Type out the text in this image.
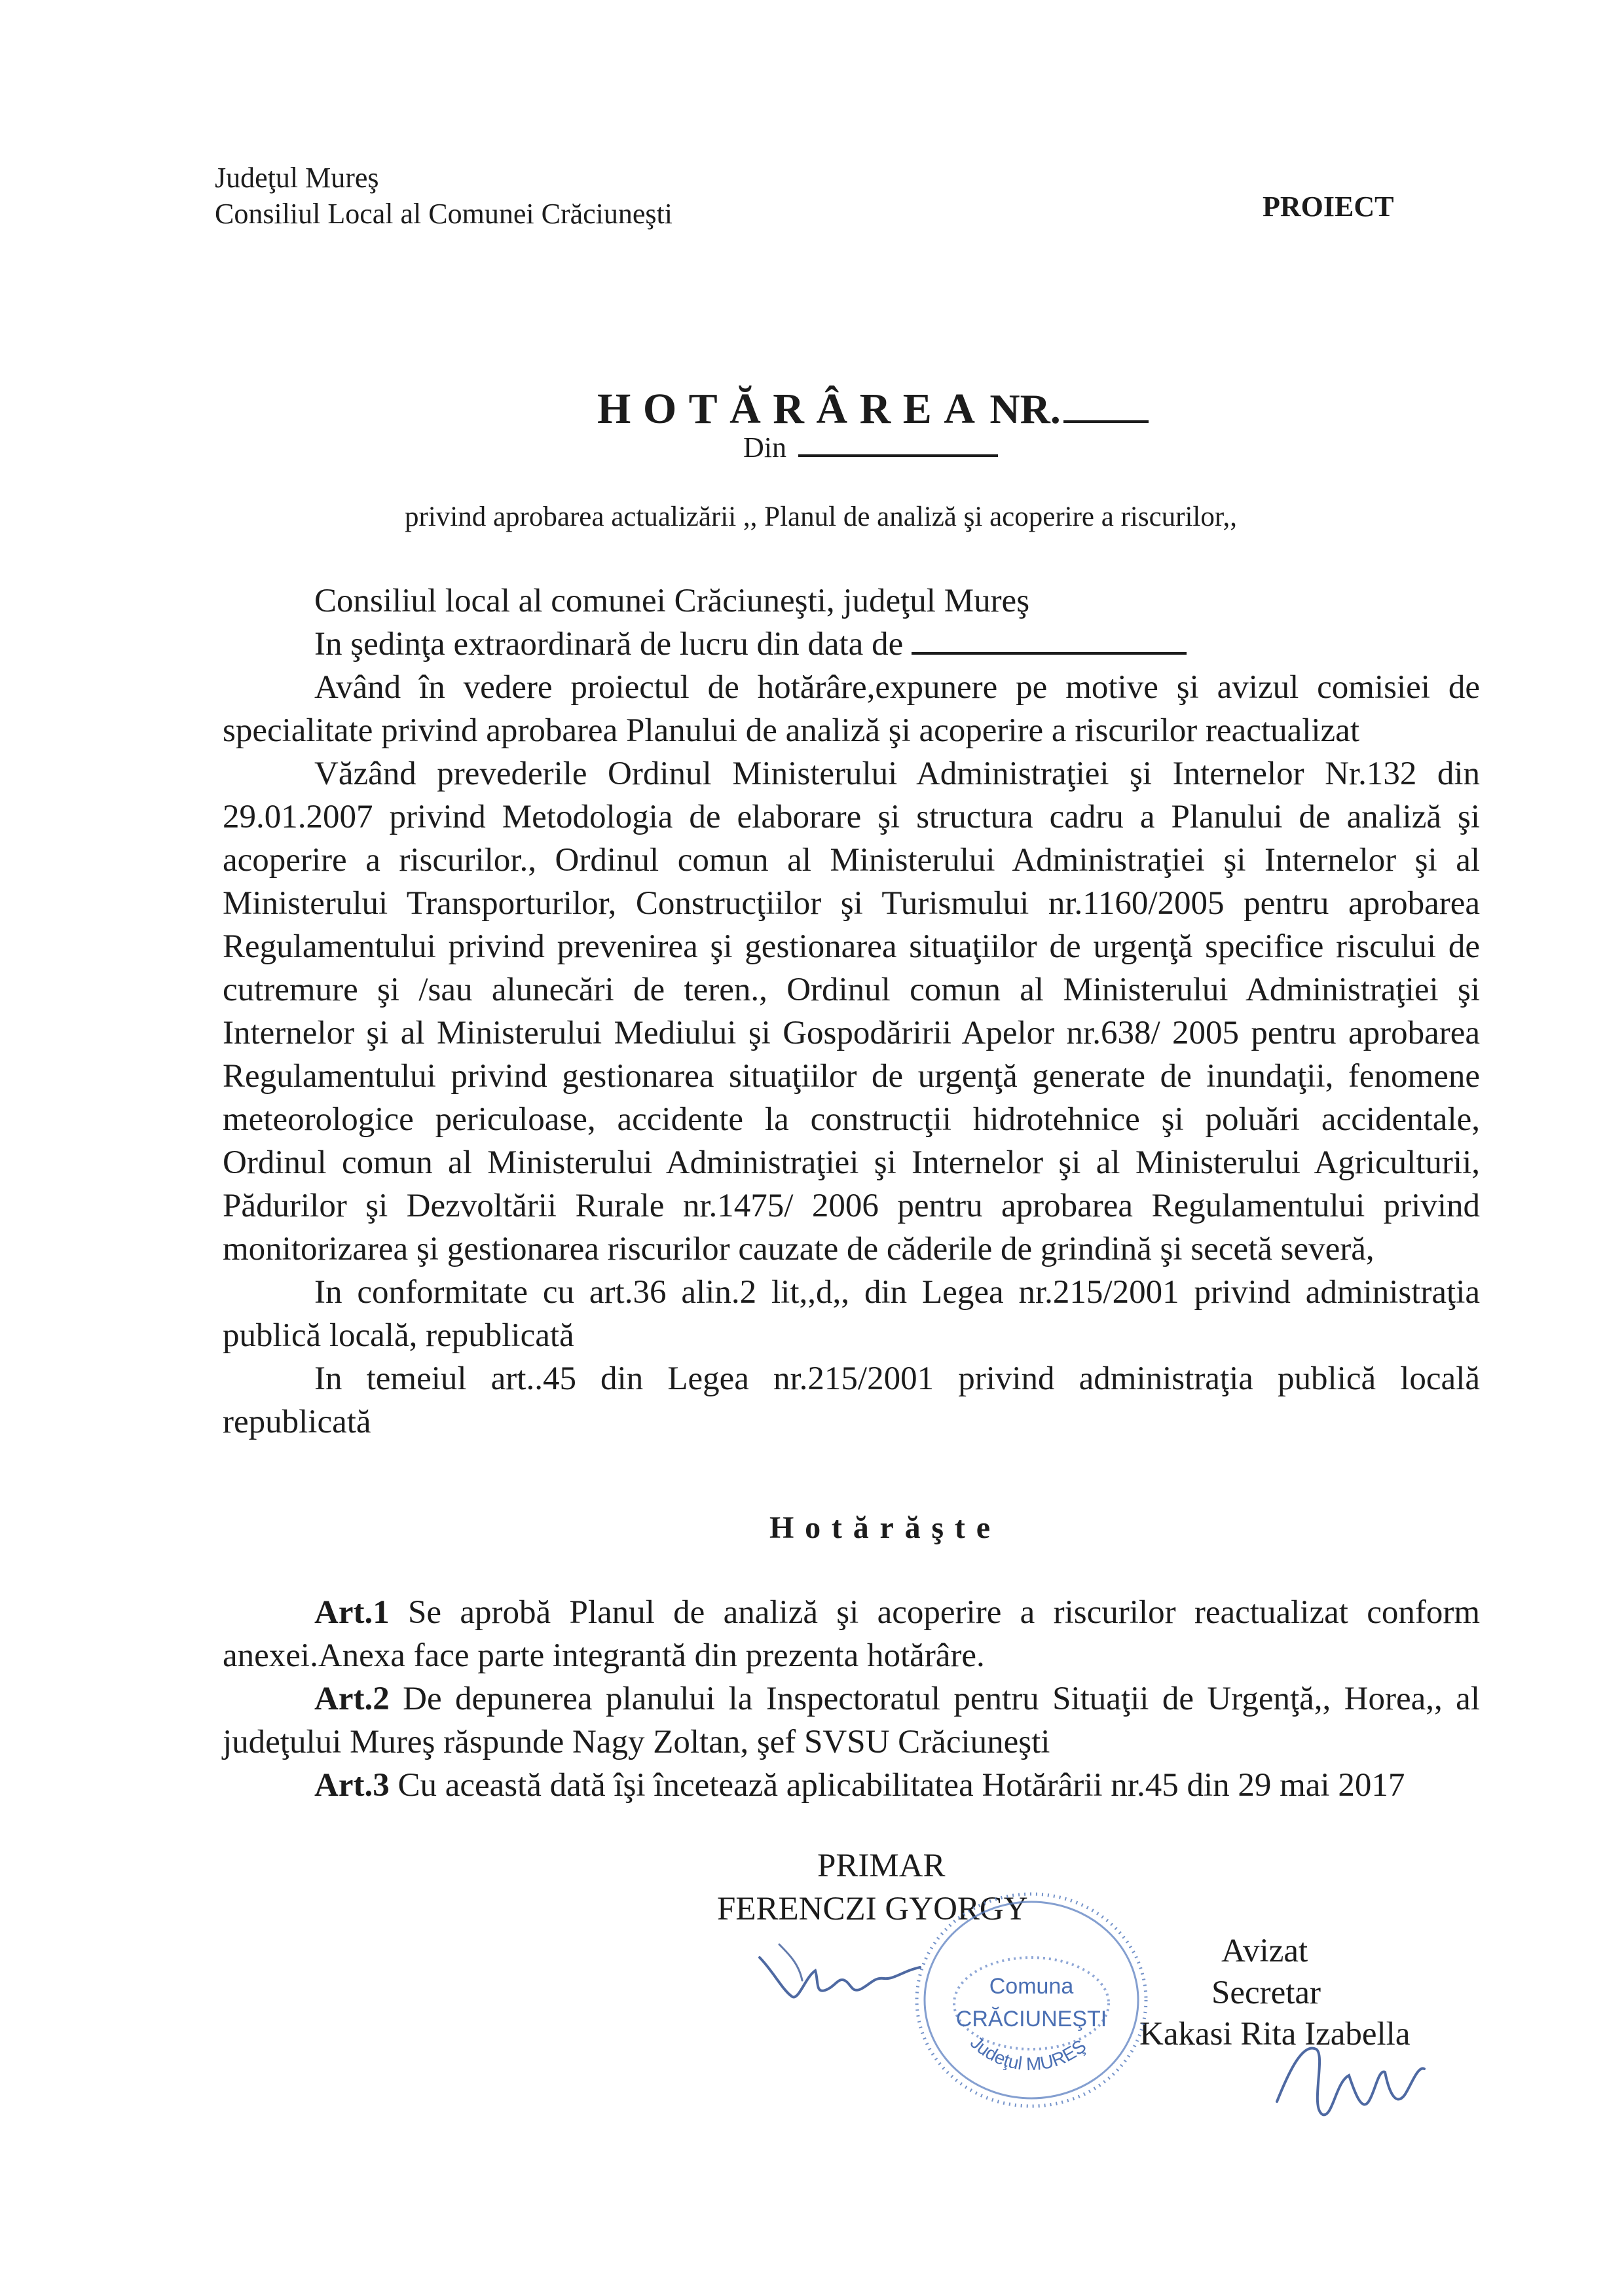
Judeţul Mureş
Consiliul Local al Comunei Crăciuneşti	PROIECT
HOTĂRÂREA NR.
Din
privind aprobarea actualizării ,, Planul de analiză şi acoperire a riscurilor,,

Consiliul local al comunei Crăciuneşti, judeţul Mureş

In şedinţa extraordinară de lucru din data de

Având în vedere proiectul de hotărâre,expunere pe motive şi avizul comisiei de specialitate privind aprobarea Planului de analiză şi acoperire a riscurilor reactualizat

Văzând prevederile Ordinul Ministerului Administraţiei şi Internelor Nr.132 din 29.01.2007 privind Metodologia de elaborare şi structura cadru a Planului de analiză şi acoperire a riscurilor., Ordinul comun al Ministerului Administraţiei şi Internelor şi al Ministerului Transporturilor, Construcţiilor şi Turismului nr.1160/2005 pentru aprobarea Regulamentului privind prevenirea şi gestionarea situaţiilor de urgenţă specifice riscului de cutremure şi /sau alunecări de teren., Ordinul comun al Ministerului Administraţiei şi Internelor şi al Ministerului Mediului şi Gospodăririi Apelor nr.638/ 2005 pentru aprobarea Regulamentului privind gestionarea situaţiilor de urgenţă generate de inundaţii, fenomene meteorologice periculoase, accidente la construcţii hidrotehnice şi poluări accidentale, Ordinul comun al Ministerului Administraţiei şi Internelor şi al Ministerului Agriculturii, Pădurilor şi Dezvoltării Rurale nr.1475/ 2006 pentru aprobarea Regulamentului privind monitorizarea şi gestionarea riscurilor cauzate de căderile de grindină şi secetă severă,

In conformitate cu art.36 alin.2 lit,,d,, din Legea nr.215/2001 privind administraţia publică locală, republicată

In temeiul art..45 din Legea nr.215/2001 privind administraţia publică locală republicată

Hotărăşte

Art.1 Se aprobă Planul de analiză şi acoperire a riscurilor reactualizat conform anexei.Anexa face parte integrantă din prezenta hotărâre.

Art.2 De depunerea planului la Inspectoratul pentru Situaţii de Urgenţă,, Horea,, al judeţului Mureş răspunde Nagy Zoltan, şef SVSU Crăciuneşti

Art.3 Cu această dată îşi încetează aplicabilitatea Hotărârii nr.45 din 29 mai 2017

PRIMAR
FERENCZI GYORGY
Avizat
Secretar
Kakasi Rita Izabella
Comuna
CRĂCIUNEŞTI
Judeţul MUREŞ
